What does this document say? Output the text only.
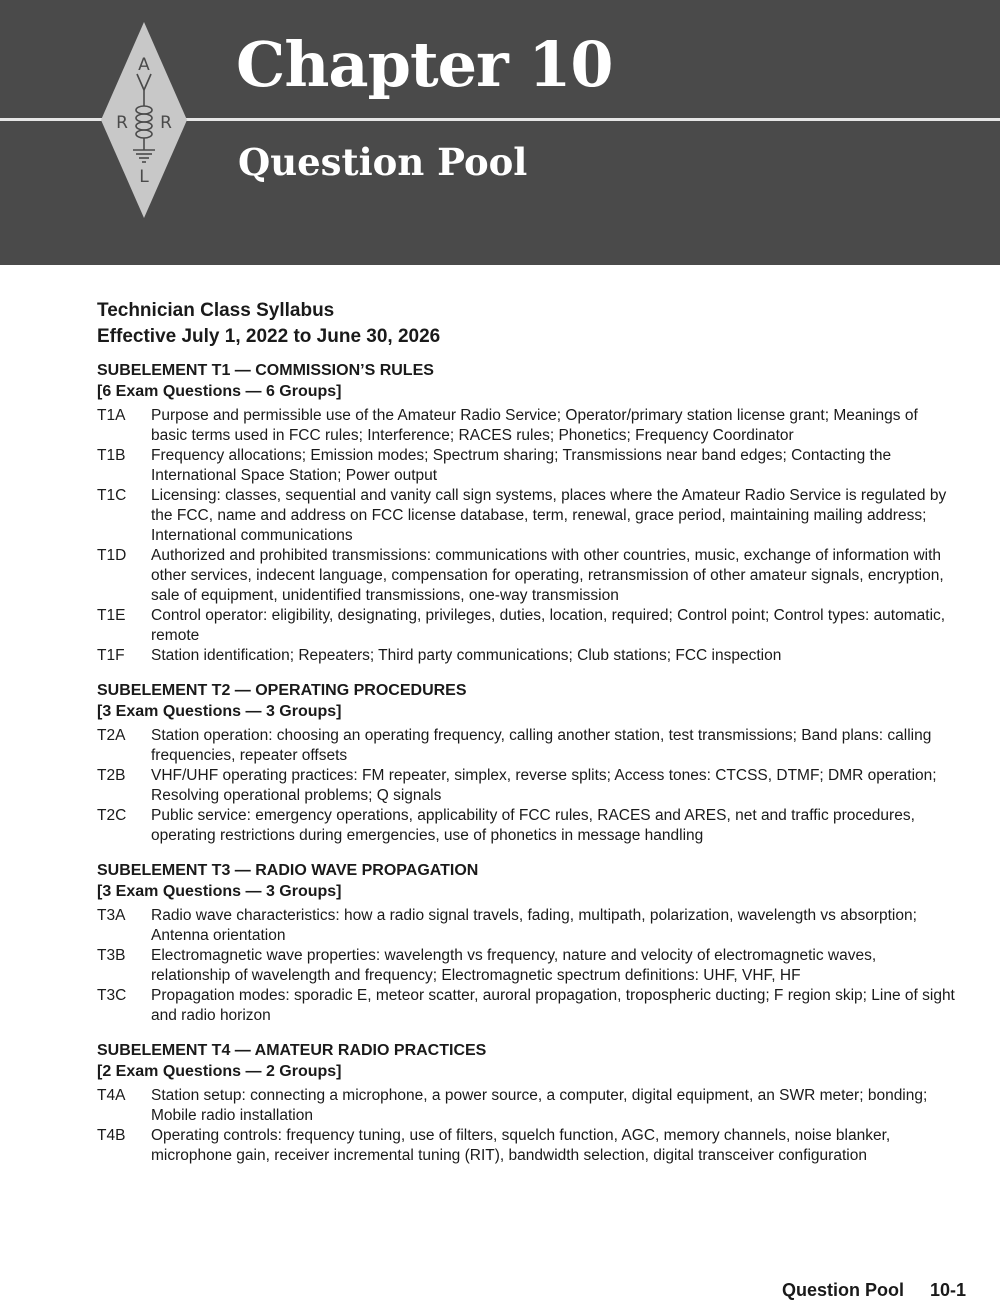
A
R R
L
Chapter 10
Question Pool
Technician Class Syllabus
Effective July 1, 2022 to June 30, 2026
SUBELEMENT T1 — COMMISSION’S RULES
[6 Exam Questions — 6 Groups]
T1A Purpose and permissible use of the Amateur Radio Service; Operator/primary station license grant; Meanings of basic terms used in FCC rules; Interference; RACES rules; Phonetics; Frequency Coordinator
T1B Frequency allocations; Emission modes; Spectrum sharing; Transmissions near band edges; Contacting the International Space Station; Power output
T1C Licensing: classes, sequential and vanity call sign systems, places where the Amateur Radio Service is regulated by the FCC, name and address on FCC license database, term, renewal, grace period, maintaining mailing address; International communications
T1D Authorized and prohibited transmissions: communications with other countries, music, exchange of information with other services, indecent language, compensation for operating, retransmission of other amateur signals, encryption, sale of equipment, unidentified transmissions, one-way transmission
T1E Control operator: eligibility, designating, privileges, duties, location, required; Control point; Control types: automatic, remote
T1F Station identification; Repeaters; Third party communications; Club stations; FCC inspection
SUBELEMENT T2 — OPERATING PROCEDURES
[3 Exam Questions — 3 Groups]
T2A Station operation: choosing an operating frequency, calling another station, test transmissions; Band plans: calling frequencies, repeater offsets
T2B VHF/UHF operating practices: FM repeater, simplex, reverse splits; Access tones: CTCSS, DTMF; DMR operation; Resolving operational problems; Q signals
T2C Public service: emergency operations, applicability of FCC rules, RACES and ARES, net and traffic procedures, operating restrictions during emergencies, use of phonetics in message handling
SUBELEMENT T3 — RADIO WAVE PROPAGATION
[3 Exam Questions — 3 Groups]
T3A Radio wave characteristics: how a radio signal travels, fading, multipath, polarization, wavelength vs absorption; Antenna orientation
T3B Electromagnetic wave properties: wavelength vs frequency, nature and velocity of electromagnetic waves, relationship of wavelength and frequency; Electromagnetic spectrum definitions: UHF, VHF, HF
T3C Propagation modes: sporadic E, meteor scatter, auroral propagation, tropospheric ducting; F region skip; Line of sight and radio horizon
SUBELEMENT T4 — AMATEUR RADIO PRACTICES
[2 Exam Questions — 2 Groups]
T4A Station setup: connecting a microphone, a power source, a computer, digital equipment, an SWR meter; bonding; Mobile radio installation
T4B Operating controls: frequency tuning, use of filters, squelch function, AGC, memory channels, noise blanker, microphone gain, receiver incremental tuning (RIT), bandwidth selection, digital transceiver configuration
Question Pool 10-1
